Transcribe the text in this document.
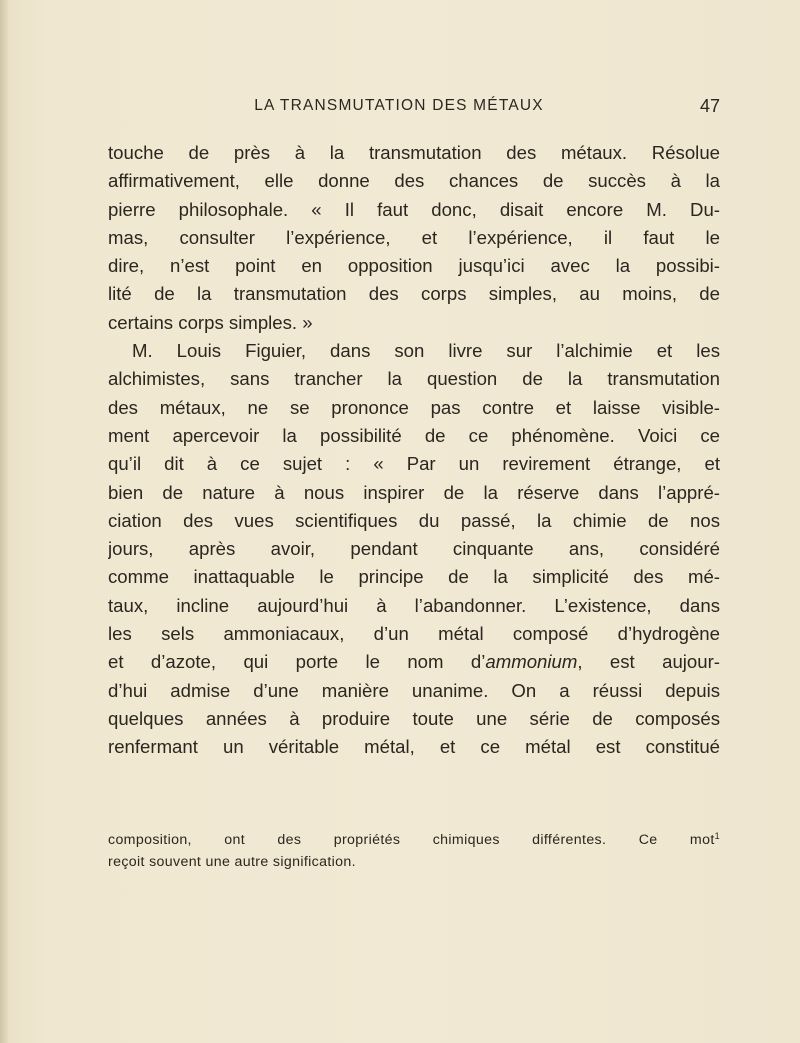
LA TRANSMUTATION DES MÉTAUX	47
touche de près à la transmutation des métaux. Résolue
affirmativement, elle donne des chances de succès à la
pierre philosophale. « Il faut donc, disait encore M. Du-
mas, consulter l’expérience, et l’expérience, il faut le
dire, n’est point en opposition jusqu’ici avec la possibi-
lité de la transmutation des corps simples, au moins, de
certains corps simples. »
M. Louis Figuier, dans son livre sur l’alchimie et les
alchimistes, sans trancher la question de la transmutation
des métaux, ne se prononce pas contre et laisse visible-
ment apercevoir la possibilité de ce phénomène. Voici ce
qu’il dit à ce sujet : « Par un revirement étrange, et
bien de nature à nous inspirer de la réserve dans l’appré-
ciation des vues scientifiques du passé, la chimie de nos
jours, après avoir, pendant cinquante ans, considéré
comme inattaquable le principe de la simplicité des mé-
taux, incline aujourd’hui à l’abandonner. L’existence, dans
les sels ammoniacaux, d’un métal composé d’hydrogène
et d’azote, qui porte le nom d’ammonium, est aujour-
d’hui admise d’une manière unanime. On a réussi depuis
quelques années à produire toute une série de composés
renfermant un véritable métal, et ce métal est constitué
composition, ont des propriétés chimiques différentes. Ce mot$^1$
reçoit souvent une autre signification.
